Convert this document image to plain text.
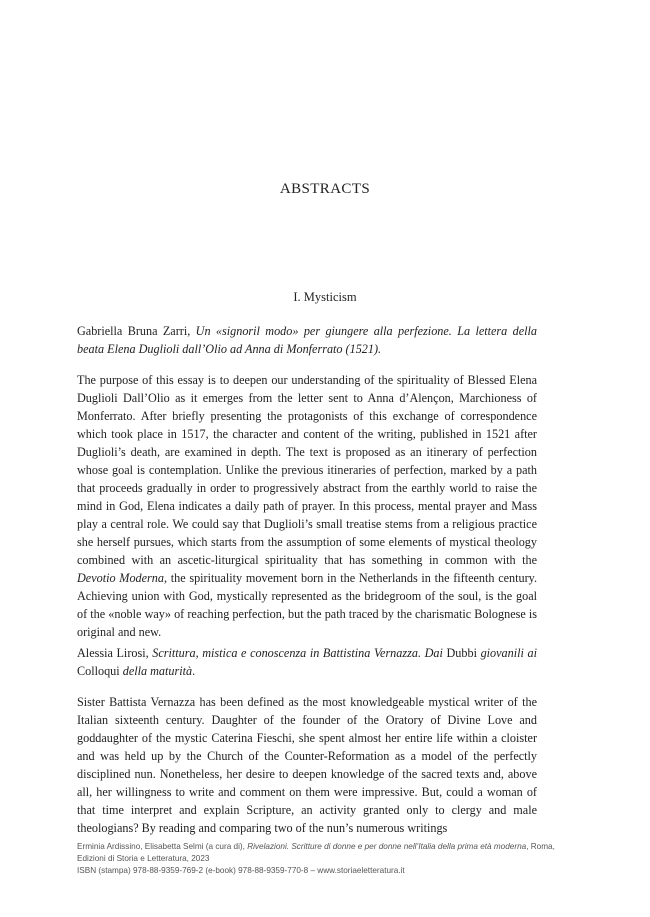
ABSTRACTS
I. Mysticism
Gabriella Bruna Zarri, Un «signoril modo» per giungere alla perfezione. La lettera della beata Elena Duglioli dall’Olio ad Anna di Monferrato (1521).
The purpose of this essay is to deepen our understanding of the spirituality of Blessed Elena Duglioli Dall’Olio as it emerges from the letter sent to Anna d’Alençon, Marchioness of Monferrato. After briefly presenting the protagonists of this exchange of correspondence which took place in 1517, the character and content of the writing, published in 1521 after Duglioli’s death, are examined in depth. The text is proposed as an itinerary of perfection whose goal is contemplation. Unlike the previous itineraries of perfection, marked by a path that proceeds gradually in order to progressively abstract from the earthly world to raise the mind in God, Elena indicates a daily path of prayer. In this process, mental prayer and Mass play a central role. We could say that Duglioli’s small treatise stems from a religious practice she herself pursues, which starts from the assumption of some elements of mystical theology combined with an ascetic-liturgical spirituality that has something in common with the Devotio Moderna, the spirituality movement born in the Netherlands in the fifteenth century. Achieving union with God, mystically represented as the bridegroom of the soul, is the goal of the «noble way» of reaching perfection, but the path traced by the charismatic Bolognese is original and new.
Alessia Lirosi, Scrittura, mistica e conoscenza in Battistina Vernazza. Dai Dubbi giovanili ai Colloqui della maturità.
Sister Battista Vernazza has been defined as the most knowledgeable mystical writer of the Italian sixteenth century. Daughter of the founder of the Oratory of Divine Love and goddaughter of the mystic Caterina Fieschi, she spent almost her entire life within a cloister and was held up by the Church of the Counter-Reformation as a model of the perfectly disciplined nun. Nonetheless, her desire to deepen knowledge of the sacred texts and, above all, her willingness to write and comment on them were impressive. But, could a woman of that time interpret and explain Scripture, an activity granted only to clergy and male theologians? By reading and comparing two of the nun’s numerous writings
Erminia Ardissino, Elisabetta Selmi (a cura di), Rivelazioni. Scritture di donne e per donne nell’Italia della prima età moderna, Roma,
Edizioni di Storia e Letteratura, 2023
ISBN (stampa) 978-88-9359-769-2 (e-book) 978-88-9359-770-8 – www.storiaeletteratura.it
